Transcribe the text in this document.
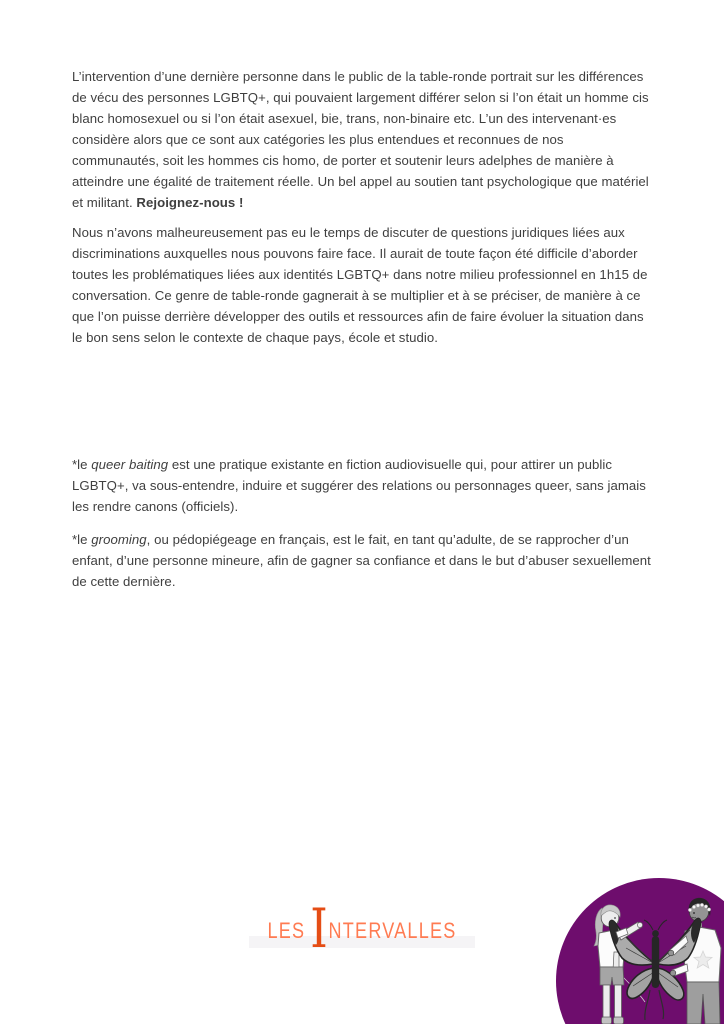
L’intervention d’une dernière personne dans le public de la table-ronde portrait sur les différences de vécu des personnes LGBTQ+, qui pouvaient largement différer selon si l’on était un homme cis blanc homosexuel ou si l’on était asexuel, bie, trans, non-binaire etc. L’un des intervenant·es considère alors que ce sont aux catégories les plus entendues et reconnues de nos communautés, soit les hommes cis homo, de porter et soutenir leurs adelphes de manière à atteindre une égalité de traitement réelle. Un bel appel au soutien tant psychologique que matériel et militant. Rejoignez-nous !

Nous n’avons malheureusement pas eu le temps de discuter de questions juridiques liées aux discriminations auxquelles nous pouvons faire face. Il aurait de toute façon été difficile d’aborder toutes les problématiques liées aux identités LGBTQ+ dans notre milieu professionnel en 1h15 de conversation. Ce genre de table-ronde gagnerait à se multiplier et à se préciser, de manière à ce que l’on puisse derrière développer des outils et ressources afin de faire évoluer la situation dans le bon sens selon le contexte de chaque pays, école et studio.

*le queer baiting est une pratique existante en fiction audiovisuelle qui, pour attirer un public LGBTQ+, va sous-entendre, induire et suggérer des relations ou personnages queer, sans jamais les rendre canons (officiels).

*le grooming, ou pédopiégeage en français, est le fait, en tant qu’adulte, de se rapprocher d’un enfant, d’une personne mineure, afin de gagner sa confiance et dans le but d’abuser sexuellement de cette dernière.

LES I NTERVALLES
